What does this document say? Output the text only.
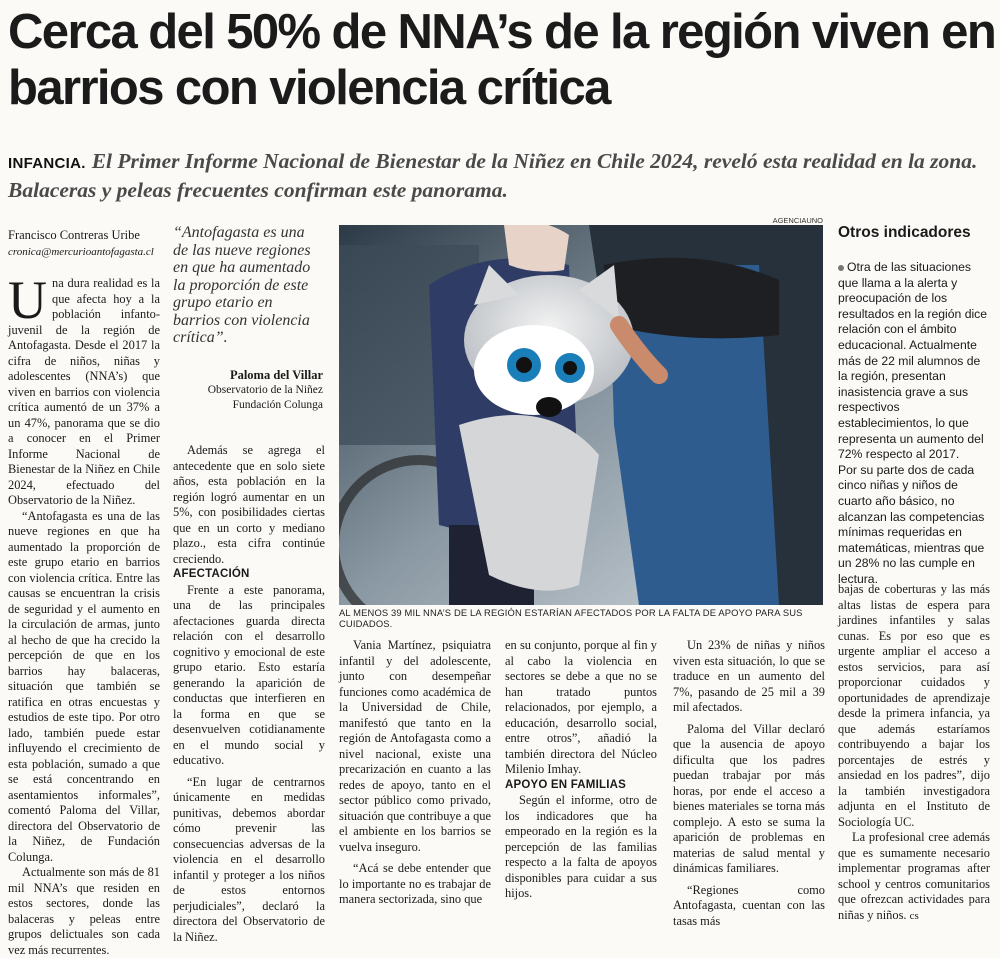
Cerca del 50% de NNA’s de la región viven en barrios con violencia crítica
INFANCIA. El Primer Informe Nacional de Bienestar de la Niñez en Chile 2024, reveló esta realidad en la zona. Balaceras y peleas frecuentes confirman este panorama.
Francisco Contreras Uribe
cronica@mercurioantofagasta.cl

Una dura realidad es la que afecta hoy a la población infanto-juvenil de la región de Antofagasta. Desde el 2017 la cifra de niños, niñas y adolescentes (NNA’s) que viven en barrios con violencia crítica aumentó de un 37% a un 47%, panorama que se dio a conocer en el Primer Informe Nacional de Bienestar de la Niñez en Chile 2024, efectuado del Observatorio de la Niñez.

“Antofagasta es una de las nueve regiones en que ha aumentado la proporción de este grupo etario en barrios con violencia crítica. Entre las causas se encuentran la crisis de seguridad y el aumento en la circulación de armas, junto al hecho de que ha crecido la percepción de que en los barrios hay balaceras, situación que también se ratifica en otras encuestas y estudios de este tipo. Por otro lado, también puede estar influyendo el crecimiento de esta población, sumado a que se está concentrando en asentamientos informales”, comentó Paloma del Villar, directora del Observatorio de la Niñez, de Fundación Colunga.

Actualmente son más de 81 mil NNA’s que residen en estos sectores, donde las balaceras y peleas entre grupos delictuales son cada vez más recurrentes.

“Antofagasta es una de las nueve regiones en que ha aumentado la proporción de este grupo etario en barrios con violencia crítica”.
Paloma del Villar
Observatorio de la Niñez
Fundación Colunga

Además se agrega el antecedente que en solo siete años, esta población en la región logró aumentar en un 5%, con posibilidades ciertas que en un corto y mediano plazo., esta cifra continúe creciendo.

AFECTACIÓN

Frente a este panorama, una de las principales afectaciones guarda directa relación con el desarrollo cognitivo y emocional de este grupo etario. Esto estaría generando la aparición de conductas que interfieren en la forma en que se desenvuelven cotidianamente en el mundo social y educativo.

“En lugar de centrarnos únicamente en medidas punitivas, debemos abordar cómo prevenir las consecuencias adversas de la violencia en el desarrollo infantil y proteger a los niños de estos entornos perjudiciales”, declaró la directora del Observatorio de la Niñez.

AGENCIAUNO
AL MENOS 39 MIL NNA’S DE LA REGIÓN ESTARÍAN AFECTADOS POR LA FALTA DE APOYO PARA SUS CUIDADOS.
Otros indicadores

Otra de las situaciones que llama a la alerta y preocupación de los resultados en la región dice relación con el ámbito educacional. Actualmente más de 22 mil alumnos de la región, presentan inasistencia grave a sus respectivos establecimientos, lo que representa un aumento del 72% respecto al 2017.

Por su parte dos de cada cinco niñas y niños de cuarto año básico, no alcanzan las competencias mínimas requeridas en matemáticas, mientras que un 28% no las cumple en lectura.

Vania Martínez, psiquiatra infantil y del adolescente, junto con desempeñar funciones como académica de la Universidad de Chile, manifestó que tanto en la región de Antofagasta como a nivel nacional, existe una precarización en cuanto a las redes de apoyo, tanto en el sector público como privado, situación que contribuye a que el ambiente en los barrios se vuelva inseguro.

“Acá se debe entender que lo importante no es trabajar de manera sectorizada, sino que

en su conjunto, porque al fin y al cabo la violencia en sectores se debe a que no se han tratado puntos relacionados, por ejemplo, a educación, desarrollo social, entre otros”, añadió la también directora del Núcleo Milenio Imhay.

APOYO EN FAMILIAS

Según el informe, otro de los indicadores que ha empeorado en la región es la percepción de las familias respecto a la falta de apoyos disponibles para cuidar a sus hijos.

Un 23% de niñas y niños viven esta situación, lo que se traduce en un aumento del 7%, pasando de 25 mil a 39 mil afectados.

Paloma del Villar declaró que la ausencia de apoyo dificulta que los padres puedan trabajar por más horas, por ende el acceso a bienes materiales se torna más complejo. A esto se suma la aparición de problemas en materias de salud mental y dinámicas familiares.

“Regiones como Antofagasta, cuentan con las tasas más

bajas de coberturas y las más altas listas de espera para jardines infantiles y salas cunas. Es por eso que es urgente ampliar el acceso a estos servicios, para así proporcionar cuidados y oportunidades de aprendizaje desde la primera infancia, ya que además estaríamos contribuyendo a bajar los porcentajes de estrés y ansiedad en los padres”, dijo la también investigadora adjunta en el Instituto de Sociología UC.

La profesional cree además que es sumamente necesario implementar programas after school y centros comunitarios que ofrezcan actividades para niñas y niños. cs
